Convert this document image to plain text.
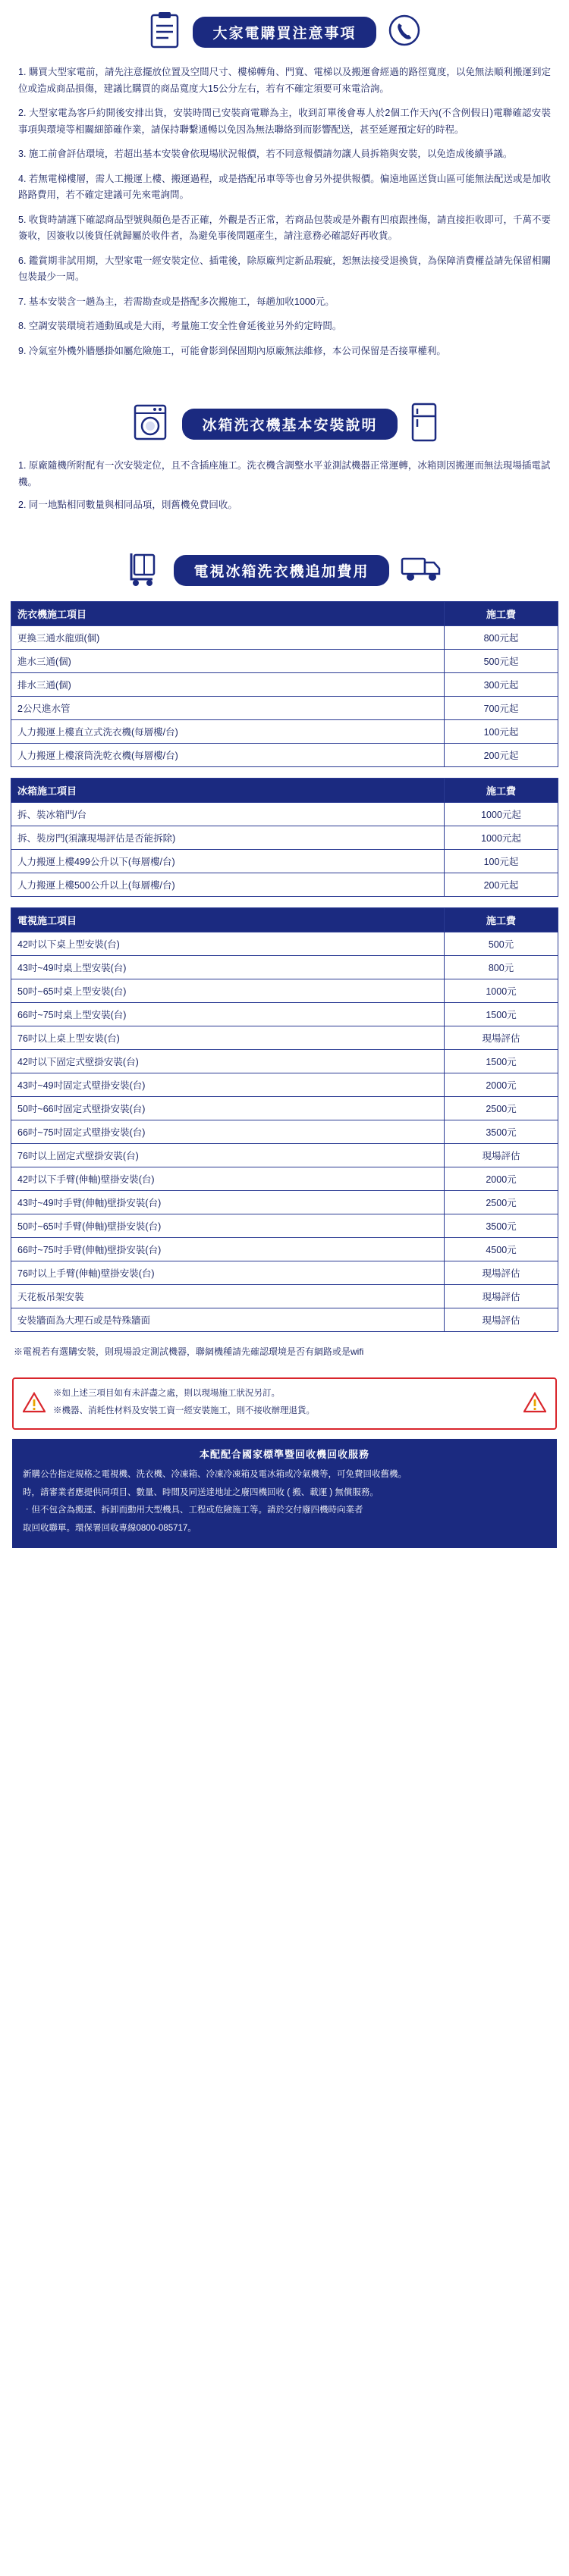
大家電購買注意事項

1. 購買大型家電前，請先注意擺放位置及空間尺寸、樓梯轉角、門寬、電梯以及搬運會經過的路徑寬度，以免無法順利搬運到定位或造成商品損傷，建議比購買的商品寬度大15公分左右，若有不確定須要可來電洽詢。

2. 大型家電為客戶約開後安排出貨，安裝時間已安裝商電聯為主，收到訂單後會專人於2個工作天內(不含例假日)電聯確認安裝事項與環境等相關細節確作業，請保持聯繫通暢以免因為無法聯絡到而影響配送，甚至延遲預定好的時程。

3. 施工前會評估環境，若超出基本安裝會依現場狀況報價，若不同意報價請勿讓人員拆箱與安裝，以免造成後續爭議。

4. 若無電梯樓層，需人工搬運上樓、搬運過程，或是搭配吊車等等也會另外提供報價。偏遠地區送貨山區可能無法配送或是加收路路費用，若不確定建議可先來電詢問。

5. 收貨時請謹下確認商品型號與顏色是否正確，外觀是否正常，若商品包裝或是外觀有凹痕跟挫傷，請直接拒收即可，千萬不要簽收，因簽收以後貨任就歸屬於收件者，為避免事後問題產生，請注意務必確認好再收貨。

6. 鑑賞期非試用期，大型家電一經安裝定位、插電後，除原廠判定新品瑕疵，恕無法接受退換貨，為保障消費權益請先保留相關包裝最少一周。

7. 基本安裝含一趟為主，若需勘查或是搭配多次搬施工，每趟加收1000元。

8. 空調安裝環境若通動風或是大雨，考量施工安全性會延後並另外約定時間。

9. 冷氣室外機外牆懸掛如屬危險施工，可能會影到保固期內原廠無法維修，本公司保留是否接單權利。

冰箱洗衣機基本安裝說明

1. 原廠隨機所附配有一次安裝定位，且不含插座施工。洗衣機含調整水平並測試機器正常運轉，冰箱則因搬運而無法現場插電試機。

2. 同一地點相同數量與相同品項，則舊機免費回收。

電視冰箱洗衣機追加費用
洗衣機施工項目	施工費
更換三通水龍頭(個)	800元起
進水三通(個)	500元起
排水三通(個)	300元起
2公尺進水管	700元起
人力搬運上樓直立式洗衣機(每層樓/台)	100元起
人力搬運上樓滾筒洗乾衣機(每層樓/台)	200元起
冰箱施工項目	施工費
拆、裝冰箱門/台	1000元起
拆、裝房門(須讓現場評估是否能拆除)	1000元起
人力搬運上樓499公升以下(每層樓/台)	100元起
人力搬運上樓500公升以上(每層樓/台)	200元起
電視施工項目	施工費
42吋以下桌上型安裝(台)	500元
43吋~49吋桌上型安裝(台)	800元
50吋~65吋桌上型安裝(台)	1000元
66吋~75吋桌上型安裝(台)	1500元
76吋以上桌上型安裝(台)	現場評估
42吋以下固定式壁掛安裝(台)	1500元
43吋~49吋固定式壁掛安裝(台)	2000元
50吋~66吋固定式壁掛安裝(台)	2500元
66吋~75吋固定式壁掛安裝(台)	3500元
76吋以上固定式壁掛安裝(台)	現場評估
42吋以下手臂(伸軸)壁掛安裝(台)	2000元
43吋~49吋手臂(伸軸)壁掛安裝(台)	2500元
50吋~65吋手臂(伸軸)壁掛安裝(台)	3500元
66吋~75吋手臂(伸軸)壁掛安裝(台)	4500元
76吋以上手臂(伸軸)壁掛安裝(台)	現場評估
天花板吊架安裝	現場評估
安裝牆面為大理石或是特殊牆面	現場評估

※電視若有選購安裝，則現場設定測試機器，聯網機種請先確認環境是否有網路或是wifi

※如上述三項目如有未詳盡之處，則以現場施工狀況另訂。

※機器、消耗性材料及安裝工資一經安裝施工，則不接收辦理退貨。

本配配合國家標準暨回收機回收服務

新購公告指定規格之電視機、洗衣機、冷凍箱、冷凍冷凍箱及電冰箱或冷氣機等，可免費回收舊機。

時，請審業者應提供同項目、數量、時間及同送達地址之廢四機回收 ( 搬、載運 ) 無償服務。

‧但不包含為搬運、拆卸而動用大型機具、工程或危險施工等。請於交付廢四機時向業者

取回收聯單。環保署回收專線0800-085717。
